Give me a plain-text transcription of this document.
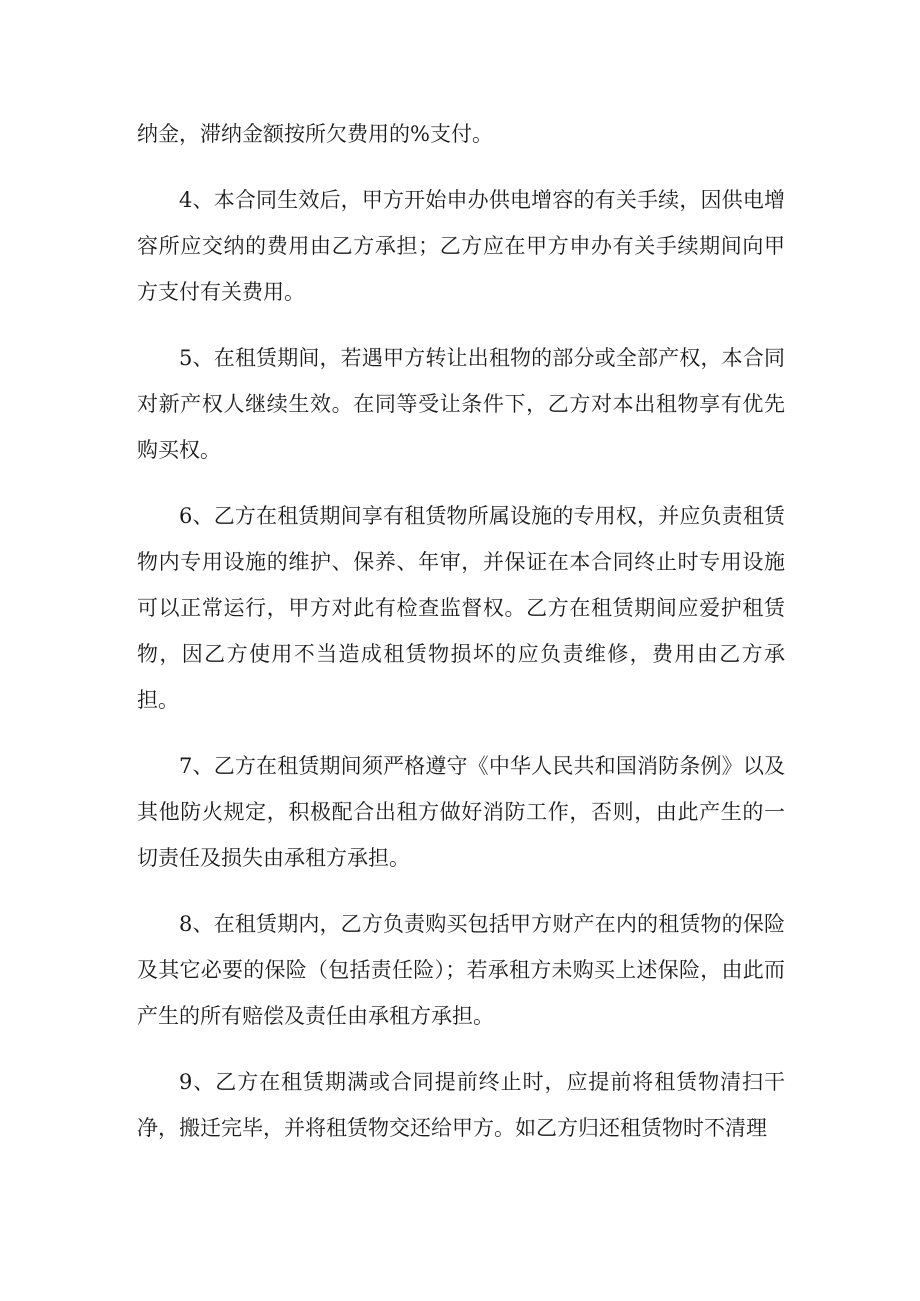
纳金，滞纳金额按所欠费用的%支付。

4、本合同生效后，甲方开始申办供电增容的有关手续，因供电增容所应交纳的费用由乙方承担；乙方应在甲方申办有关手续期间向甲方支付有关费用。

5、在租赁期间，若遇甲方转让出租物的部分或全部产权，本合同对新产权人继续生效。在同等受让条件下，乙方对本出租物享有优先购买权。

6、乙方在租赁期间享有租赁物所属设施的专用权，并应负责租赁物内专用设施的维护、保养、年审，并保证在本合同终止时专用设施可以正常运行，甲方对此有检查监督权。乙方在租赁期间应爱护租赁物，因乙方使用不当造成租赁物损坏的应负责维修，费用由乙方承担。

7、乙方在租赁期间须严格遵守《中华人民共和国消防条例》以及其他防火规定，积极配合出租方做好消防工作，否则，由此产生的一切责任及损失由承租方承担。

8、在租赁期内，乙方负责购买包括甲方财产在内的租赁物的保险及其它必要的保险（包括责任险）；若承租方未购买上述保险，由此而产生的所有赔偿及责任由承租方承担。

9、乙方在租赁期满或合同提前终止时，应提前将租赁物清扫干净，搬迁完毕，并将租赁物交还给甲方。如乙方归还租赁物时不清理
